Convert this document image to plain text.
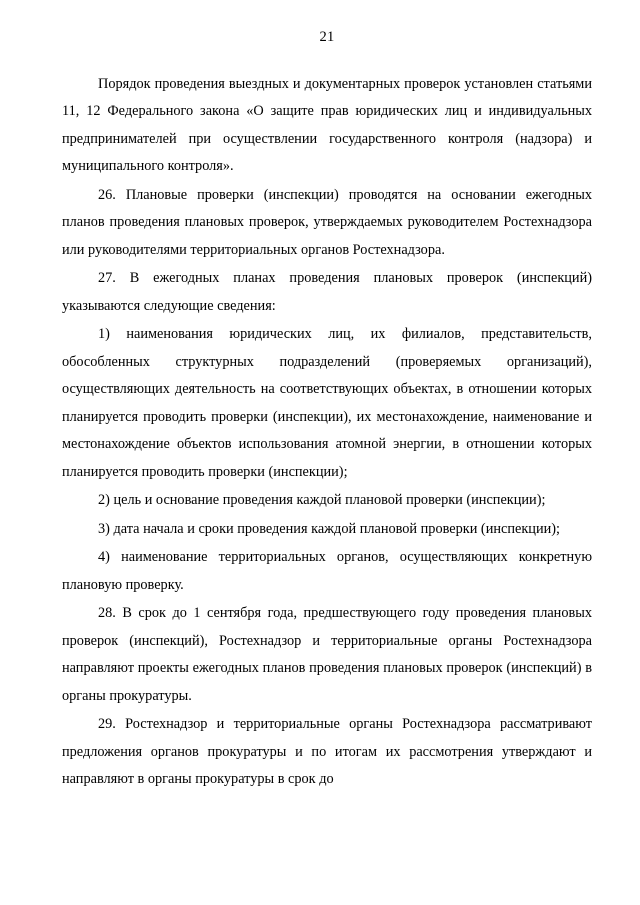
21

Порядок проведения выездных и документарных проверок установлен статьями 11, 12 Федерального закона «О защите прав юридических лиц и индивидуальных предпринимателей при осуществлении государственного контроля (надзора) и муниципального контроля».

26. Плановые проверки (инспекции) проводятся на основании ежегодных планов проведения плановых проверок, утверждаемых руководителем Ростехнадзора или руководителями территориальных органов Ростехнадзора.

27. В ежегодных планах проведения плановых проверок (инспекций) указываются следующие сведения:

1) наименования юридических лиц, их филиалов, представительств, обособленных структурных подразделений (проверяемых организаций), осуществляющих деятельность на соответствующих объектах, в отношении которых планируется проводить проверки (инспекции), их местонахождение, наименование и местонахождение объектов использования атомной энергии, в отношении которых планируется проводить проверки (инспекции);

2) цель и основание проведения каждой плановой проверки (инспекции);

3) дата начала и сроки проведения каждой плановой проверки (инспекции);

4) наименование территориальных органов, осуществляющих конкретную плановую проверку.

28. В срок до 1 сентября года, предшествующего году проведения плановых проверок (инспекций), Ростехнадзор и территориальные органы Ростехнадзора направляют проекты ежегодных планов проведения плановых проверок (инспекций) в органы прокуратуры.

29. Ростехнадзор и территориальные органы Ростехнадзора рассматривают предложения органов прокуратуры и по итогам их рассмотрения утверждают и направляют в органы прокуратуры в срок до
